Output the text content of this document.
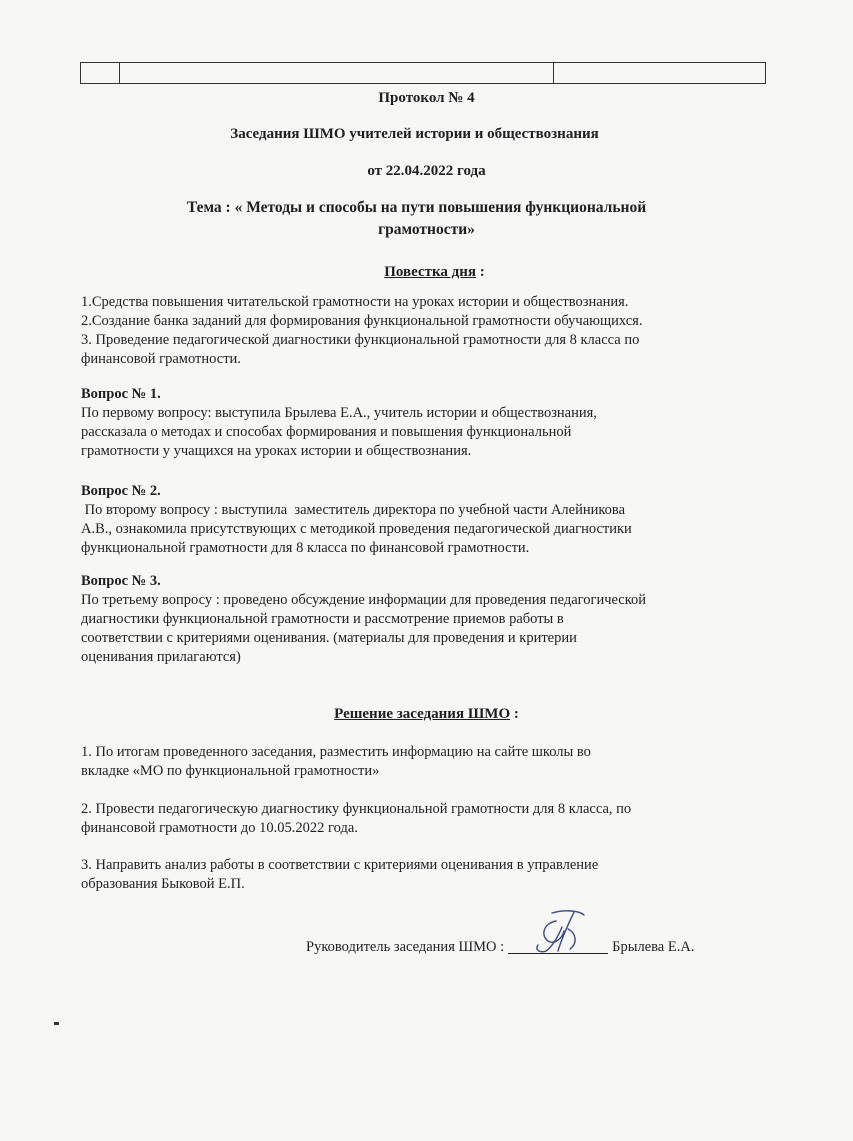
Протокол № 4
Заседания ШМО учителей истории и обществознания
от 22.04.2022 года
Тема : « Методы и способы на пути повышения функциональной
грамотности»
Повестка дня :

1.Средства повышения читательской грамотности на уроках истории и обществознания.

2.Создание банка заданий для формирования функциональной грамотности обучающихся.

3. Проведение педагогической диагностики функциональной грамотности для 8 класса по

финансовой грамотности.

Вопрос № 1.

По первому вопросу: выступила Брылева Е.А., учитель истории и обществознания,

рассказала о методах и способах формирования и повышения функциональной

грамотности у учащихся на уроках истории и обществознания.

Вопрос № 2.

По второму вопросу : выступила  заместитель директора по учебной части Алейникова

А.В., ознакомила присутствующих с методикой проведения педагогической диагностики

функциональной грамотности для 8 класса по финансовой грамотности.

Вопрос № 3.

По третьему вопросу : проведено обсуждение информации для проведения педагогической

диагностики функциональной грамотности и рассмотрение приемов работы в

соответствии с критериями оценивания. (материалы для проведения и критерии

оценивания прилагаются)

Решение заседания ШМО :

1. По итогам проведенного заседания, разместить информацию на сайте школы во

вкладке «МО по функциональной грамотности»

2. Провести педагогическую диагностику функциональной грамотности для 8 класса, по

финансовой грамотности до 10.05.2022 года.

3. Направить анализ работы в соответствии с критериями оценивания в управление

образования Быковой Е.П.

Руководитель заседания ШМО :	Брылева Е.А.
